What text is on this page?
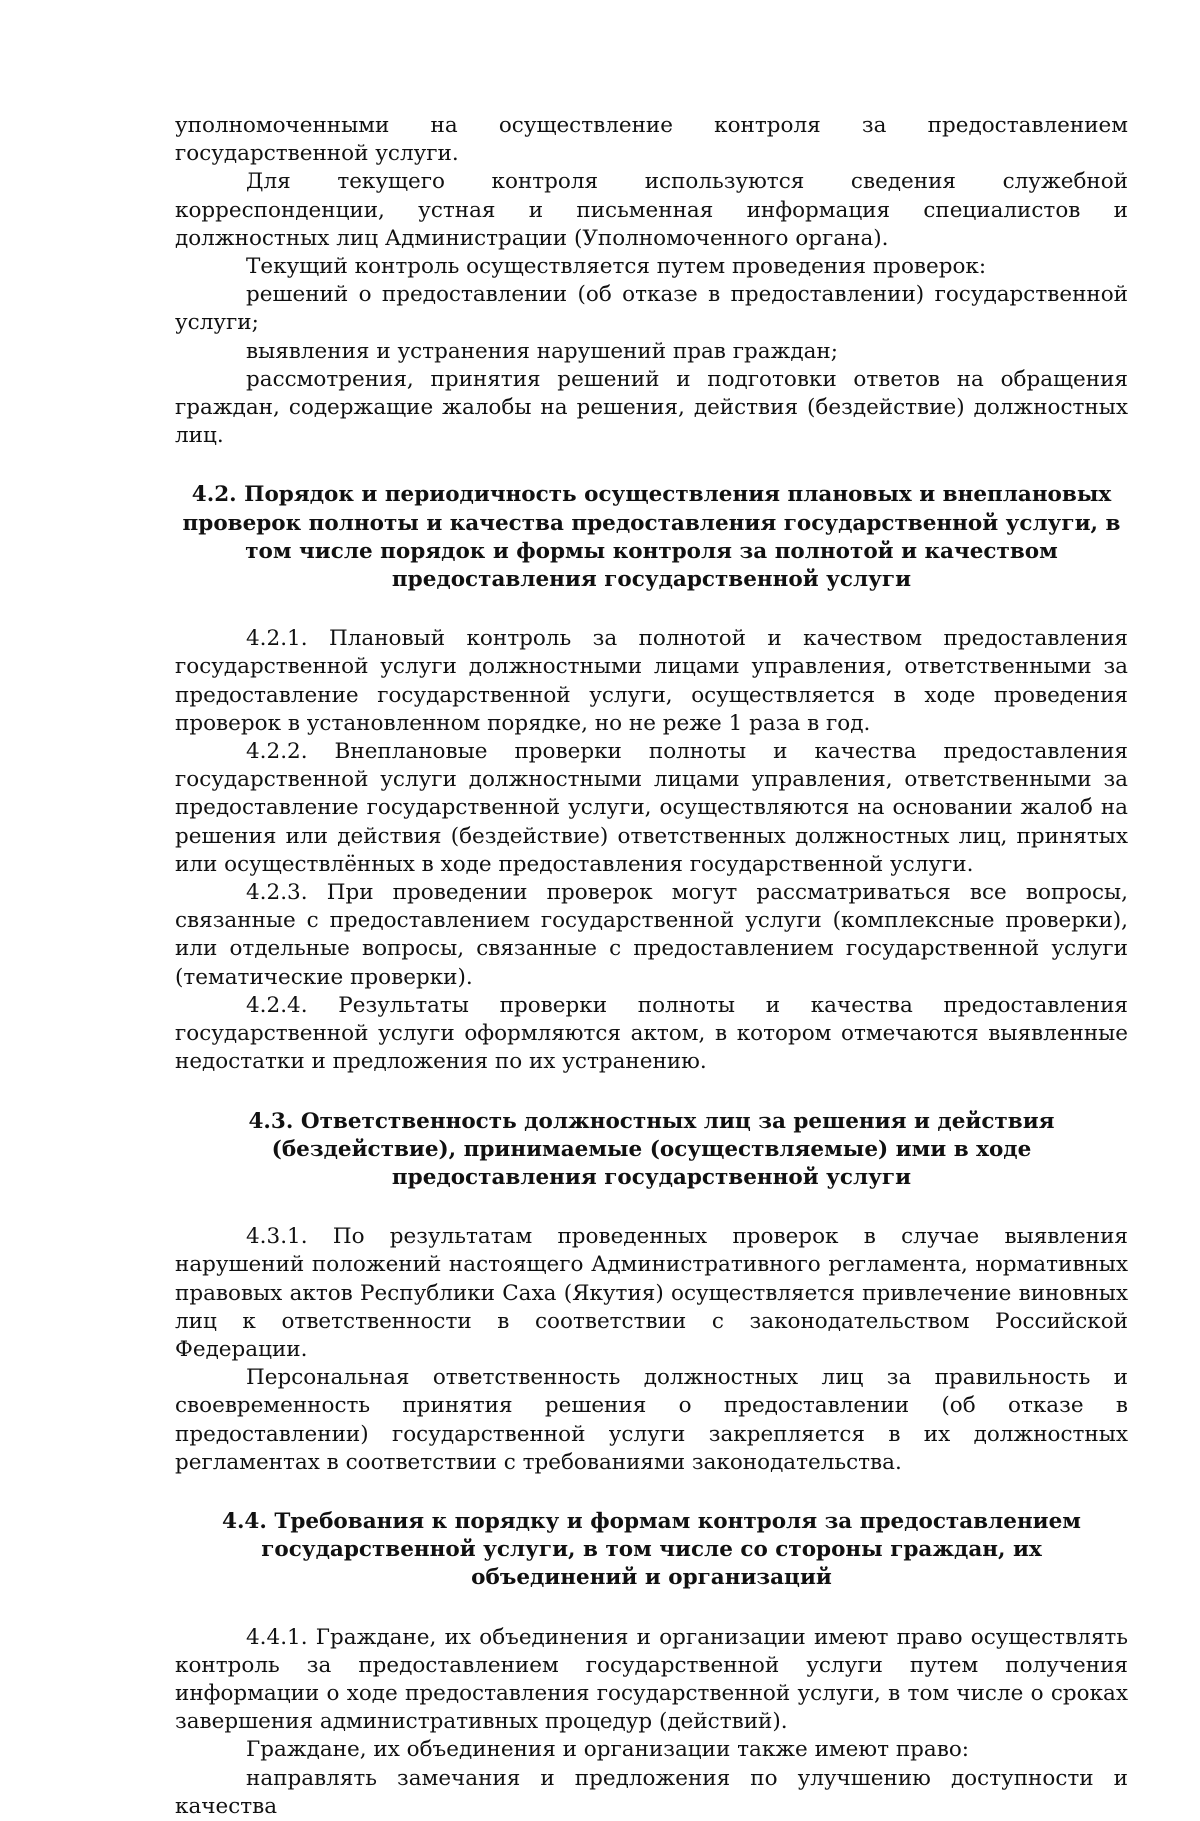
уполномоченными на осуществление контроля за предоставлением государственной услуги.

Для текущего контроля используются сведения служебной корреспонденции, устная и письменная информация специалистов и должностных лиц Администрации (Уполномоченного органа).

Текущий контроль осуществляется путем проведения проверок:

решений о предоставлении (об отказе в предоставлении) государственной услуги;

выявления и устранения нарушений прав граждан;

рассмотрения, принятия решений и подготовки ответов на обращения граждан, содержащие жалобы на решения, действия (бездействие) должностных лиц.

4.2. Порядок и периодичность осуществления плановых и внеплановых проверок полноты и качества предоставления государственной услуги, в том числе порядок и формы контроля за полнотой и качеством предоставления государственной услуги

4.2.1. Плановый контроль за полнотой и качеством предоставления государственной услуги должностными лицами управления, ответственными за предоставление государственной услуги, осуществляется в ходе проведения проверок в установленном порядке, но не реже 1 раза в год.

4.2.2. Внеплановые проверки полноты и качества предоставления государственной услуги должностными лицами управления, ответственными за предоставление государственной услуги, осуществляются на основании жалоб на решения или действия (бездействие) ответственных должностных лиц, принятых или осуществлённых в ходе предоставления государственной услуги.

4.2.3. При проведении проверок могут рассматриваться все вопросы, связанные с предоставлением государственной услуги (комплексные проверки), или отдельные вопросы, связанные с предоставлением государственной услуги (тематические проверки).

4.2.4. Результаты проверки полноты и качества предоставления государственной услуги оформляются актом, в котором отмечаются выявленные недостатки и предложения по их устранению.

4.3. Ответственность должностных лиц за решения и действия (бездействие), принимаемые (осуществляемые) ими в ходе предоставления государственной услуги

4.3.1. По результатам проведенных проверок в случае выявления нарушений положений настоящего Административного регламента, нормативных правовых актов Республики Саха (Якутия) осуществляется привлечение виновных лиц к ответственности в соответствии с законодательством Российской Федерации.

Персональная ответственность должностных лиц за правильность и своевременность принятия решения о предоставлении (об отказе в предоставлении) государственной услуги закрепляется в их должностных регламентах в соответствии с требованиями законодательства.

4.4. Требования к порядку и формам контроля за предоставлением государственной услуги, в том числе со стороны граждан, их объединений и организаций

4.4.1. Граждане, их объединения и организации имеют право осуществлять контроль за предоставлением государственной услуги путем получения информации о ходе предоставления государственной услуги, в том числе о сроках завершения административных процедур (действий).

Граждане, их объединения и организации также имеют право:

направлять замечания и предложения по улучшению доступности и качества
